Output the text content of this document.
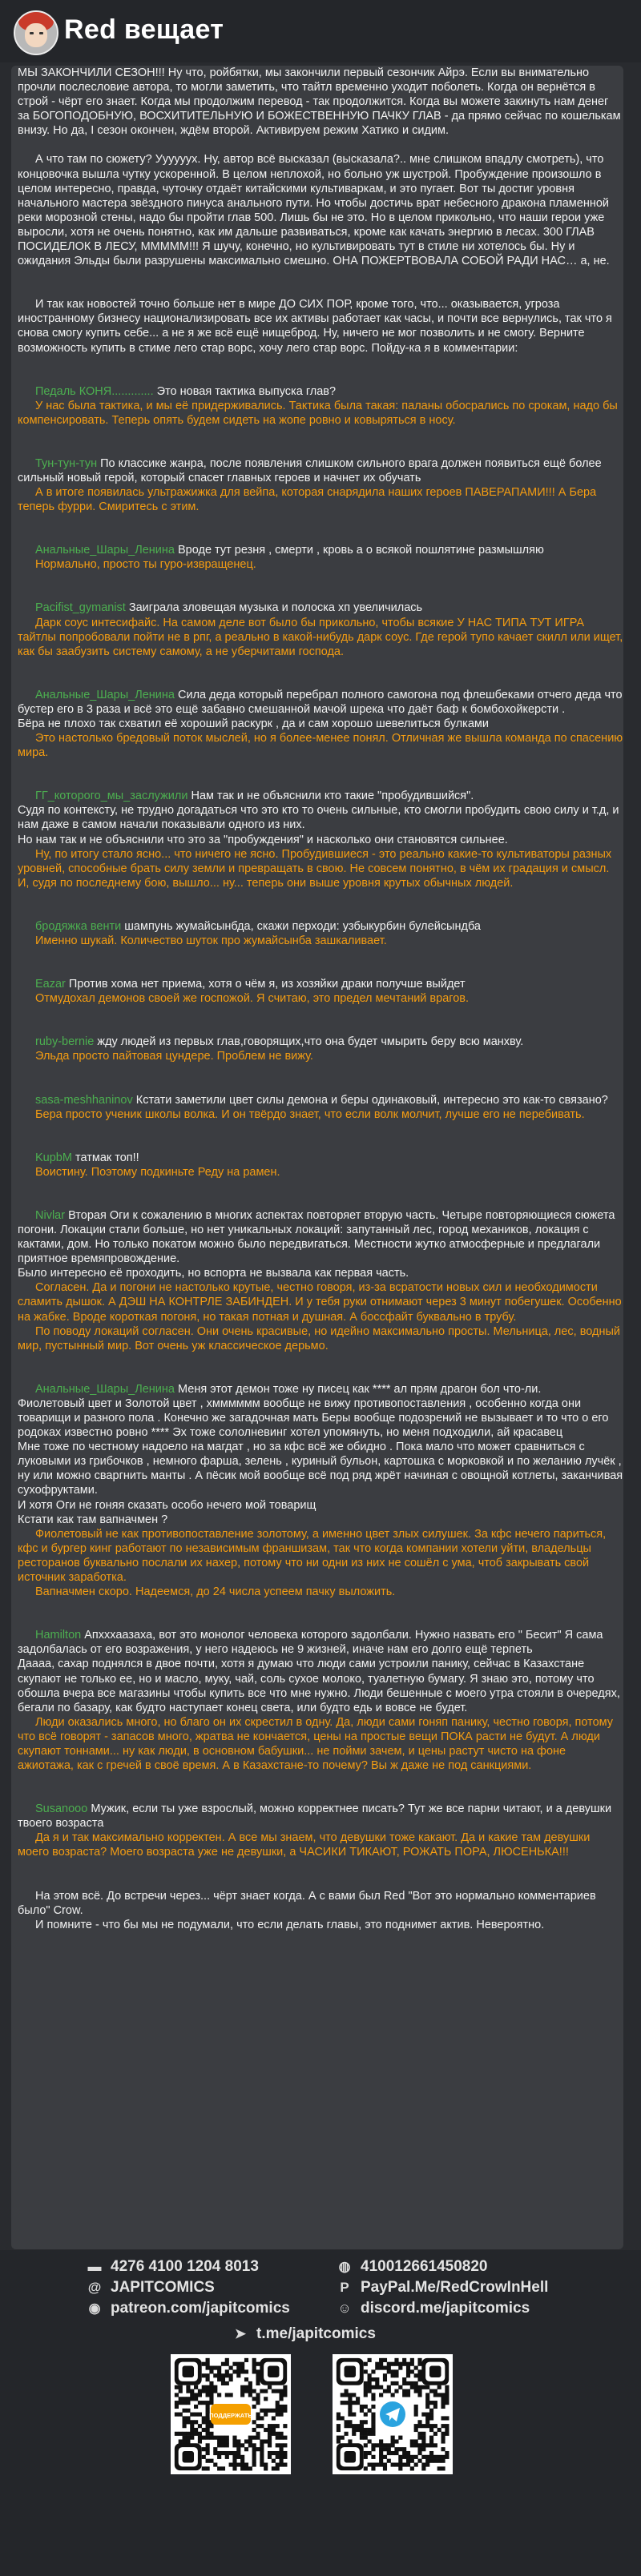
Red вещает

МЫ ЗАКОНЧИЛИ СЕЗОН!!! Ну что, ройбятки, мы закончили первый сезончик Айрэ. Если вы внимательно прочли послесловие автора, то могли заметить, что тайтл временно уходит поболеть. Когда он вернётся в строй - чёрт его знает. Когда мы продолжим перевод - так продолжится. Когда вы можете закинуть нам денег за БОГОПОДОБНУЮ, ВОСХИТИТЕЛЬНУЮ И БОЖЕСТВЕННУЮ ПАЧКУ ГЛАВ - да прямо сейчас по кошелькам внизу. Но да, I сезон окончен, ждём второй. Активируем режим Хатико и сидим.

А что там по сюжету? Уууууух. Ну, автор всё высказал (высказала?.. мне слишком впадлу смотреть), что концовочка вышла чутку ускоренной. В целом неплохой, но больно уж шустрой. Пробуждение произошло в целом интересно, правда, чуточку отдаёт китайскими культиваркам, и это пугает. Вот ты достиг уровня начального мастера звёздного пинуса анального пути. Но чтобы достичь врат небесного дракона пламенной реки морозной стены, надо бы пройти глав 500. Лишь бы не это. Но в целом прикольно, что наши герои уже выросли, хотя не очень понятно, как им дальше развиваться, кроме как качать энергию в лесах. 300 ГЛАВ ПОСИДЕЛОК В ЛЕСУ, МММММ!!! Я шучу, конечно, но культивировать тут в стиле ни хотелось бы. Ну и ожидания Эльды были разрушены максимально смешно. ОНА ПОЖЕРТВОВАЛА СОБОЙ РАДИ НАС… а, не.

И так как новостей точно больше нет в мире ДО СИХ ПОР, кроме того, что... оказывается, угроза иностранному бизнесу национализировать все их активы работает как часы, и почти все вернулись, так что я снова смогу купить себе... а не я же всё ещё нищеброд. Ну, ничего не мог позволить и не смогу. Верните возможность купить в стиме лего стар ворс, хочу лего стар ворс. Пойду-ка я в комментарии:

Педаль КОНЯ............. Это новая тактика выпуска глав?

У нас была тактика, и мы её придерживались. Тактика была такая: паланы обосрались по срокам, надо бы компенсировать. Теперь опять будем сидеть на жопе ровно и ковыряться в носу.

Тун-тун-тун По классике жанра, после появления слишком сильного врага должен появиться ещё более сильный новый герой, который спасет главных героев и начнет их обучать

А в итоге появилась ультражижка для вейпа, которая снарядила наших героев ПАВЕРАПАМИ!!! А Бера теперь фурри. Смиритесь с этим.

Анальные_Шары_Ленина Вроде тут резня , смерти , кровь а о всякой пошлятине размышляю

Нормально, просто ты гуро-извращенец.

Pacifist_gymanist Заиграла зловещая музыка и полоска хп увеличилась

Дарк соус интесифайс. На самом деле вот было бы прикольно, чтобы всякие У НАС ТИПА ТУТ ИГРА тайтлы попробовали пойти не в рпг, а реально в какой-нибудь дарк соус. Где герой тупо качает скилл или ищет, как бы заабузить систему самому, а не уберчитами господа.

Анальные_Шары_Ленина Сила деда который перебрал полного самогона под флешбеками отчего деда что бустер его в 3 раза и всё это ещё забавно смешанной мачой шрека что даёт баф к бомбохойкерсти .

Бёра не плохо так схватил её хороший раскурк , да и сам хорошо шевелиться булками

Это настолько бредовый поток мыслей, но я более-менее понял. Отличная же вышла команда по спасению мира.

ГГ_которого_мы_заслужили Нам так и не объяснили кто такие "пробудившийся".

Судя по контексту, не трудно догадаться что это кто то очень сильные, кто смогли пробудить свою силу и т.д, и нам даже в самом начали показывали одного из них.

Но нам так и не объяснили что это за "пробуждения" и насколько они становятся сильнее.

Ну, по итогу стало ясно... что ничего не ясно. Пробудившиеся - это реально какие-то культиваторы разных уровней, способные брать силу земли и превращать в свою. Не совсем понятно, в чём их градация и смысл. И, судя по последнему бою, вышло... ну... теперь они выше уровня крутых обычных людей.

бродяжка венти шампунь жумайсынбда, скажи перходи: узбыкурбин булейсындба

Именно шукай. Количество шуток про жумайсынба зашкаливает.

Eazar Против хома нет приема, хотя о чём я, из хозяйки драки получше выйдет

Отмудохал демонов своей же госпожой. Я считаю, это предел мечтаний врагов.

ruby-bernie жду людей из первых глав,говорящих,что она будет чмырить беру всю мaнхву.

Эльда просто пайтовая цундере. Проблем не вижу.

sasa-meshhaninov Кстати заметили цвет силы демона и беры одинаковый, интересно это как-то связано?

Бера просто ученик школы волка. И он твёрдо знает, что если волк молчит, лучше его не перебивать.

KupbM татмак топ!!

Воистину. Поэтому подкиньте Реду на рамен.

Nivlar Вторая Оги к сожалению в многих аспектах повторяет вторую часть. Четыре повторяющиеся сюжета погони. Локации стали больше, но нет уникальных локаций: запутанный лес, город механиков, локация с кактами, дом. Но только покатом можно было передвигаться. Местности жутко атмосферные и предлагали приятное времяпровождение.

Было интересно её проходить, но вспорта не вызвала как первая часть.

Согласен. Да и погони не настолько крутые, честно говоря, из-за всратости новых сил и необходимости сламить дышок. А ДЭШ НА КОНТРЛЕ ЗАБИНДЕН. И у тебя руки отнимают через 3 минут побегушек. Особенно на жабке. Вроде короткая погоня, но такая потная и душная. А боссфайт буквально в трубу.

По поводу локаций согласен. Они очень красивые, но идейно максимально просты. Мельница, лес, водный мир, пустынный мир. Вот очень уж классическое дерьмо.

Анальные_Шары_Ленина Меня этот демон тоже ну писец как **** ал прям дрaгон бол что-ли.

Фиолетовый цвет и Золотой цвет , хмммммм вообще не вижу противопоставления , особенно когда они товарищи и разного пола . Конечно же загадочная мать Беры вообще подозрений не вызывает и то что о его родоках известно ровно **** Эх тоже сололневинг хотел упомянуть, но меня подходили, ай красавец

Мне тоже по честному надоело на магдат , но за кфс всё же обидно . Пока мало что может сравниться с луковыми из грибочков , немного фарша, зелень , куриный бульон, картошка с морковкой и по желанию лучёк , ну или можно сваргнить манты . А пёсик мой вообще всё под ряд жрёт начиная с овощной котлеты, заканчивая сухофруктами.

И хотя Оги не гоняя сказать особо нечего мой товарищ

Кстати как там вапначмен ?

Фиолетовый не как противопоставление золотому, а именно цвет злых силушек. За кфс нечего париться, кфс и бургер кинг работают по независимым франшизам, так что когда компании хотели уйти, владельцы ресторанов буквально послали их нахер, потому что ни одни из них не сошёл с ума, чтоб закрывать свой источник заработка.

Вапначмен скоро. Надеемся, до 24 числа успеем пачку выложить.

Hamilton Апхххаазаха, вот это монолог человека которого задолбали. Нужно назвать его " Бесит" Я сама задолбалась от его возражения, у него надеюсь не 9 жизней, иначе нам его долго ещё терпеть

Даааа, сахар поднялся в двое почти, хотя я думаю что люди сами устроили панику, сейчас в Казахстане скупают не только ее, но и масло, муку, чай, соль сухое молоко, туалетную бумагу. Я знаю это, потому что обошла вчера все магазины чтобы купить все что мне нужно. Люди бешенные с моего утра стояли в очередях, бегали по базару, как будто наступает конец света, или будто едь и вовсе не будет.

Люди оказались много, но благо он их скрестил в одну. Да, люди сами гоняп панику, честно говоря, потому что всё говорят - запасов много, жратва не кончается, цены на простые вещи ПОКА расти не будут. А люди скупают тоннами... ну как люди, в основном бабушки... не пойми зачем, и цены растут чисто на фоне ажиотажа, как с гречей в своё время. А в Казахстане-то почему? Вы ж даже не под санкциями.

Susanooo Мужик, если ты уже взрослый, можно корректнее писать? Тут же все парни читают, и а девушки твоего возраста

Да я и так максимально корректен. А все мы знаем, что девушки тоже какают. Да и какие там девушки моего возраста? Моего возраста уже не девушки, а ЧАСИКИ ТИКАЮТ, РОЖАТЬ ПОРА, ЛЮСЕНЬКА!!!

На этом всё. До встречи через... чёрт знает когда. А с вами был Red "Вот это нормально комментариев было" Crow.

И помните - что бы мы не подумали, что если делать главы, это поднимет актив. Невероятно.

▬ 4276 4100 1204 8013	◍ 410012661450820
@ JAPITCOMICS	P PayPal.Me/RedCrowInHell
◉ patreon.com/japitcomics	☺ discord.me/japitcomics
➤ t.me/japitcomics
ПОДДЕРЖАТЬ
